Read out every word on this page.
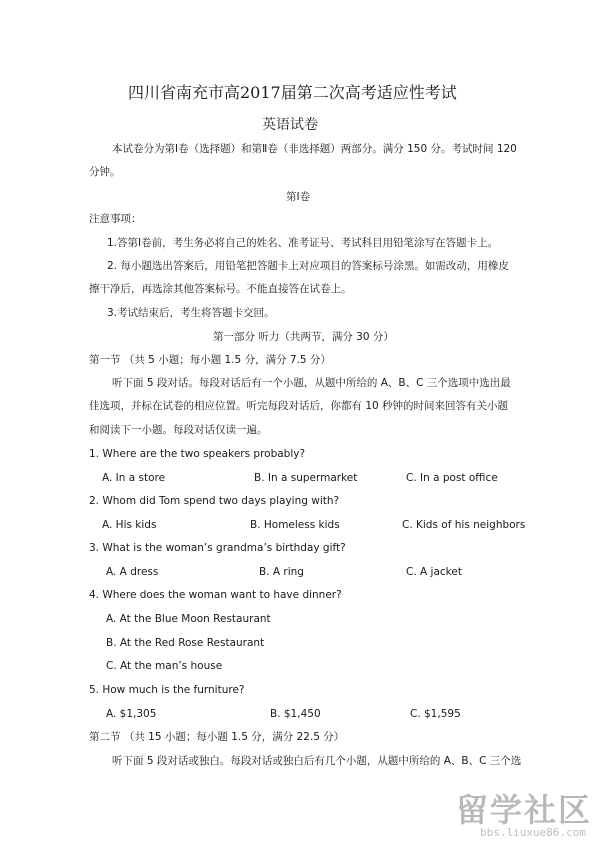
四川省南充市高2017届第二次高考适应性考试
英语试卷
本试卷分为第Ⅰ卷（选择题）和第Ⅱ卷（非选择题）两部分。满分 150 分。考试时间 120
分钟。
第Ⅰ卷
注意事项：
1.答第Ⅰ卷前，考生务必将自己的姓名、准考证号、考试科目用铅笔涂写在答题卡上。
2. 每小题选出答案后，用铅笔把答题卡上对应项目的答案标号涂黑。如需改动，用橡皮
擦干净后，再选涂其他答案标号。不能直接答在试卷上。
3.考试结束后，考生将答题卡交回。
第一部分 听力（共两节，满分 30 分）
第一节 （共 5 小题；每小题 1.5 分，满分 7.5 分）
听下面 5 段对话。每段对话后有一个小题，从题中所给的 A、B、C 三个选项中选出最
佳选项，并标在试卷的相应位置。听完每段对话后，你都有 10 秒钟的时间来回答有关小题
和阅读下一小题。每段对话仅读一遍。
1. Where are the two speakers probably?
A. In a store	B. In a supermarket	C. In a post office
2. Whom did Tom spend two days playing with?
A. His kids	B. Homeless kids	C. Kids of his neighbors
3. What is the woman’s grandma’s birthday gift?
A. A dress	B. A ring	C. A jacket
4. Where does the woman want to have dinner?
A. At the Blue Moon Restaurant
B. At the Red Rose Restaurant
C. At the man’s house
5. How much is the furniture?
A. $1,305	B. $1,450	C. $1,595
第二节 （共 15 小题；每小题 1.5 分，满分 22.5 分）
听下面 5 段对话或独白。每段对话或独白后有几个小题，从题中所给的 A、B、C 三个选
留学社区
bbs.liuxue86.com
